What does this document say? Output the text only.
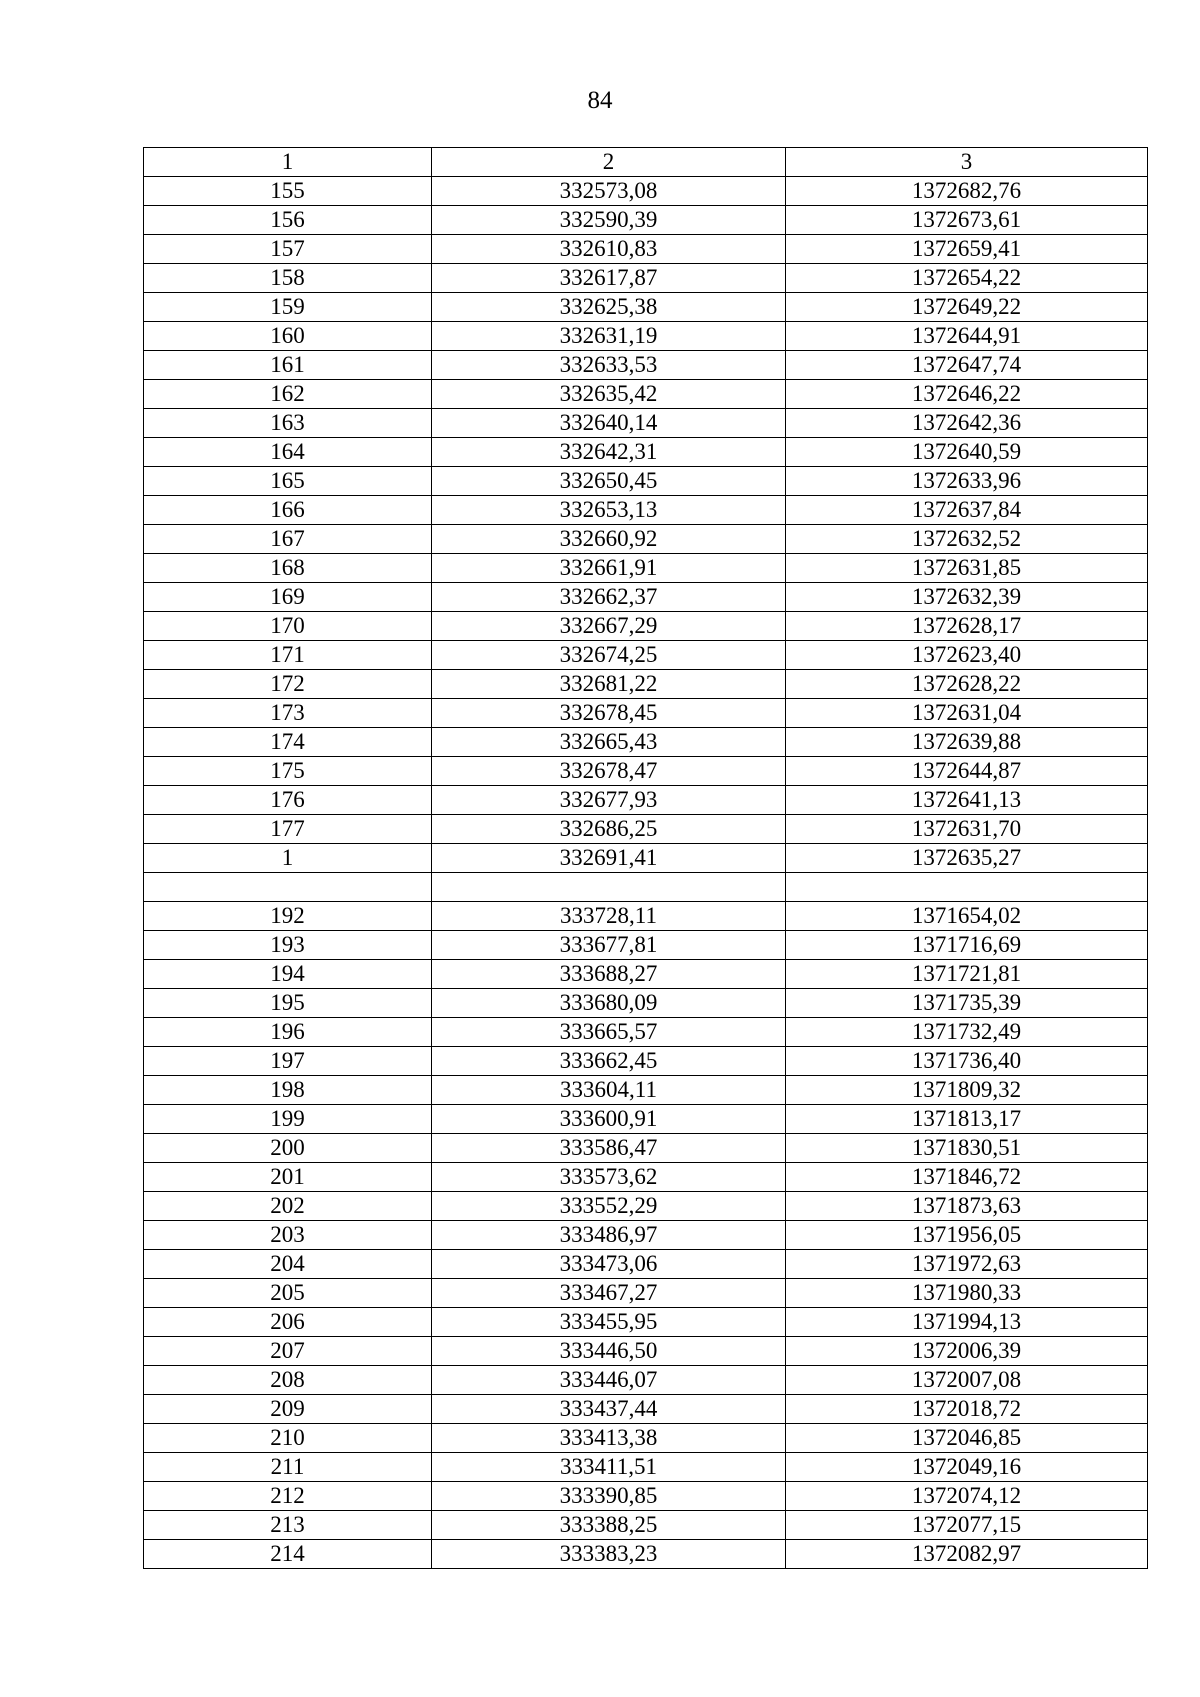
84
1	2	3
155	332573,08	1372682,76
156	332590,39	1372673,61
157	332610,83	1372659,41
158	332617,87	1372654,22
159	332625,38	1372649,22
160	332631,19	1372644,91
161	332633,53	1372647,74
162	332635,42	1372646,22
163	332640,14	1372642,36
164	332642,31	1372640,59
165	332650,45	1372633,96
166	332653,13	1372637,84
167	332660,92	1372632,52
168	332661,91	1372631,85
169	332662,37	1372632,39
170	332667,29	1372628,17
171	332674,25	1372623,40
172	332681,22	1372628,22
173	332678,45	1372631,04
174	332665,43	1372639,88
175	332678,47	1372644,87
176	332677,93	1372641,13
177	332686,25	1372631,70
1	332691,41	1372635,27

192	333728,11	1371654,02
193	333677,81	1371716,69
194	333688,27	1371721,81
195	333680,09	1371735,39
196	333665,57	1371732,49
197	333662,45	1371736,40
198	333604,11	1371809,32
199	333600,91	1371813,17
200	333586,47	1371830,51
201	333573,62	1371846,72
202	333552,29	1371873,63
203	333486,97	1371956,05
204	333473,06	1371972,63
205	333467,27	1371980,33
206	333455,95	1371994,13
207	333446,50	1372006,39
208	333446,07	1372007,08
209	333437,44	1372018,72
210	333413,38	1372046,85
211	333411,51	1372049,16
212	333390,85	1372074,12
213	333388,25	1372077,15
214	333383,23	1372082,97
